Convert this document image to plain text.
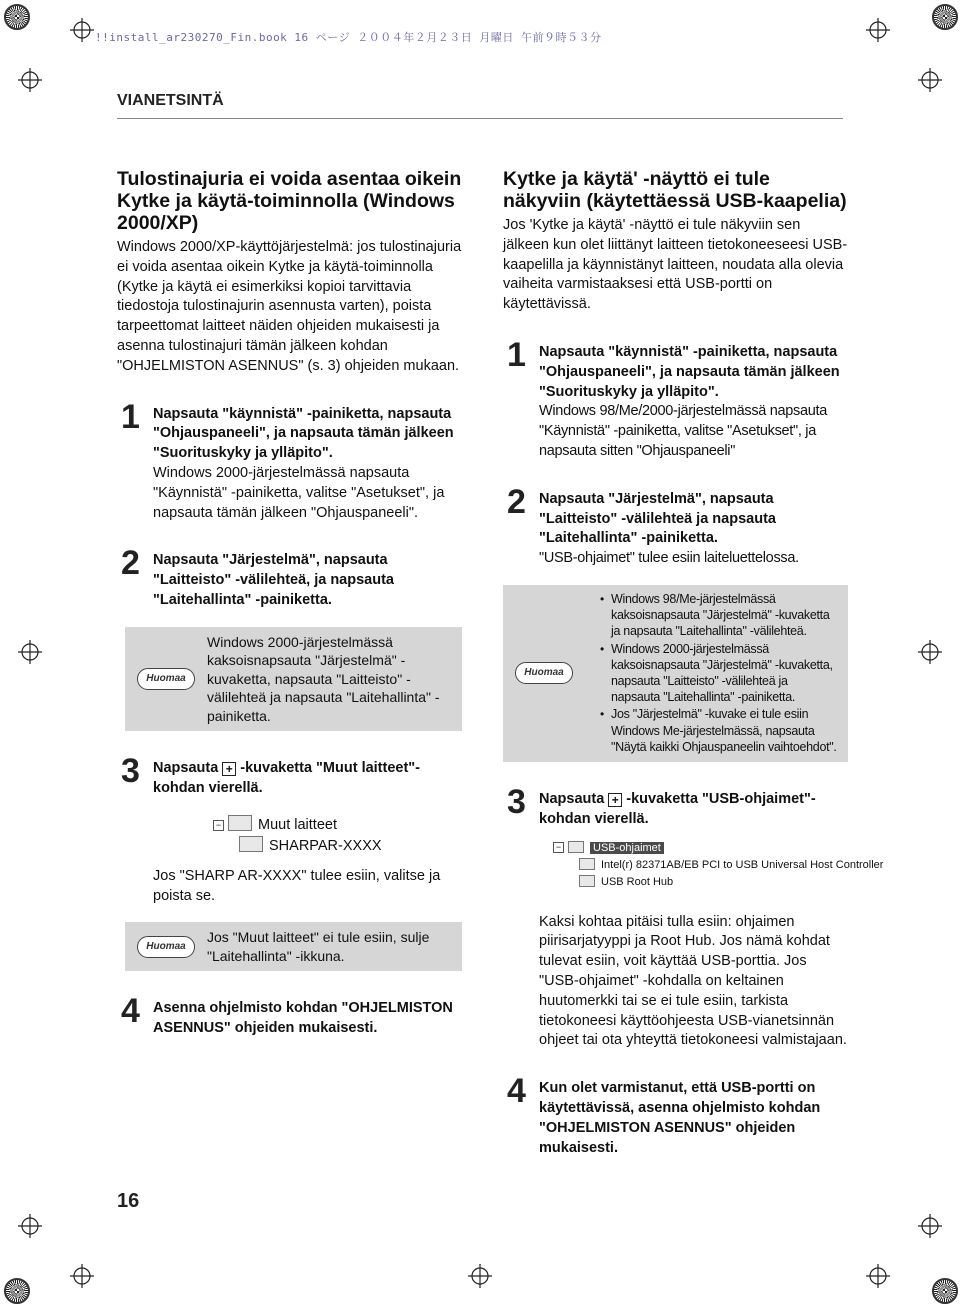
!!install_ar230270_Fin.book 16 ページ ２００４年２月２３日 月曜日 午前９時５３分
VIANETSINTÄ
Tulostinajuria ei voida asentaa oikein Kytke ja käytä-toiminnolla (Windows 2000/XP)

Windows 2000/XP-käyttöjärjestelmä: jos tulostinajuria ei voida asentaa oikein Kytke ja käytä-toiminnolla (Kytke ja käytä ei esimerkiksi kopioi tarvittavia tiedostoja tulostinajurin asennusta varten), poista tarpeettomat laitteet näiden ohjeiden mukaisesti ja asenna tulostinajuri tämän jälkeen kohdan "OHJELMISTON ASENNUS" (s. 3) ohjeiden mukaan.

1 Napsauta "käynnistä" -painiketta, napsauta "Ohjauspaneeli", ja napsauta tämän jälkeen "Suorituskyky ja ylläpito".

Windows 2000-järjestelmässä napsauta "Käynnistä" -painiketta, valitse "Asetukset", ja napsauta tämän jälkeen "Ohjauspaneeli".

2 Napsauta "Järjestelmä", napsauta "Laitteisto" -välilehteä, ja napsauta "Laitehallinta" -painiketta.

Huomaa

Windows 2000-järjestelmässä kaksoisnapsauta "Järjestelmä" -kuvaketta, napsauta "Laitteisto" -välilehteä ja napsauta "Laitehallinta" -painiketta.

3 Napsauta + -kuvaketta "Muut laitteet"-kohdan vierellä.

−	Muut laitteet
SHARPAR-XXXX

Jos "SHARP AR-XXXX" tulee esiin, valitse ja poista se.

Huomaa

Jos "Muut laitteet" ei tule esiin, sulje "Laitehallinta" -ikkuna.

4 Asenna ohjelmisto kohdan "OHJELMISTON ASENNUS" ohjeiden mukaisesti.

Kytke ja käytä' -näyttö ei tule näkyviin (käytettäessä USB-kaapelia)

Jos 'Kytke ja käytä' -näyttö ei tule näkyviin sen jälkeen kun olet liittänyt laitteen tietokoneeseesi USB-kaapelilla ja käynnistänyt laitteen, noudata alla olevia vaiheita varmistaaksesi että USB-portti on käytettävissä.

1 Napsauta "käynnistä" -painiketta, napsauta "Ohjauspaneeli", ja napsauta tämän jälkeen "Suorituskyky ja ylläpito".

Windows 98/Me/2000-järjestelmässä napsauta "Käynnistä" -painiketta, valitse "Asetukset", ja napsauta sitten "Ohjauspaneeli"

2 Napsauta "Järjestelmä", napsauta "Laitteisto" -välilehteä ja napsauta "Laitehallinta" -painiketta.

"USB-ohjaimet" tulee esiin laiteluettelossa.

Huomaa
• Windows 98/Me-järjestelmässä kaksoisnapsauta "Järjestelmä" -kuvaketta ja napsauta "Laitehallinta" -välilehteä.
• Windows 2000-järjestelmässä kaksoisnapsauta "Järjestelmä" -kuvaketta, napsauta "Laitteisto" -välilehteä ja napsauta "Laitehallinta" -painiketta.
• Jos "Järjestelmä" -kuvake ei tule esiin Windows Me-järjestelmässä, napsauta "Näytä kaikki Ohjauspaneelin vaihtoehdot".
3 Napsauta + -kuvaketta "USB-ohjaimet"-kohdan vierellä.

−	USB-ohjaimet
Intel(r) 82371AB/EB PCI to USB Universal Host Controller
USB Root Hub

Kaksi kohtaa pitäisi tulla esiin: ohjaimen piirisarjatyyppi ja Root Hub. Jos nämä kohdat tulevat esiin, voit käyttää USB-porttia. Jos "USB-ohjaimet" -kohdalla on keltainen huutomerkki tai se ei tule esiin, tarkista tietokoneesi käyttöohjeesta USB-vianetsinnän ohjeet tai ota yhteyttä tietokoneesi valmistajaan.

4 Kun olet varmistanut, että USB-portti on käytettävissä, asenna ohjelmisto kohdan "OHJELMISTON ASENNUS" ohjeiden mukaisesti.

16
